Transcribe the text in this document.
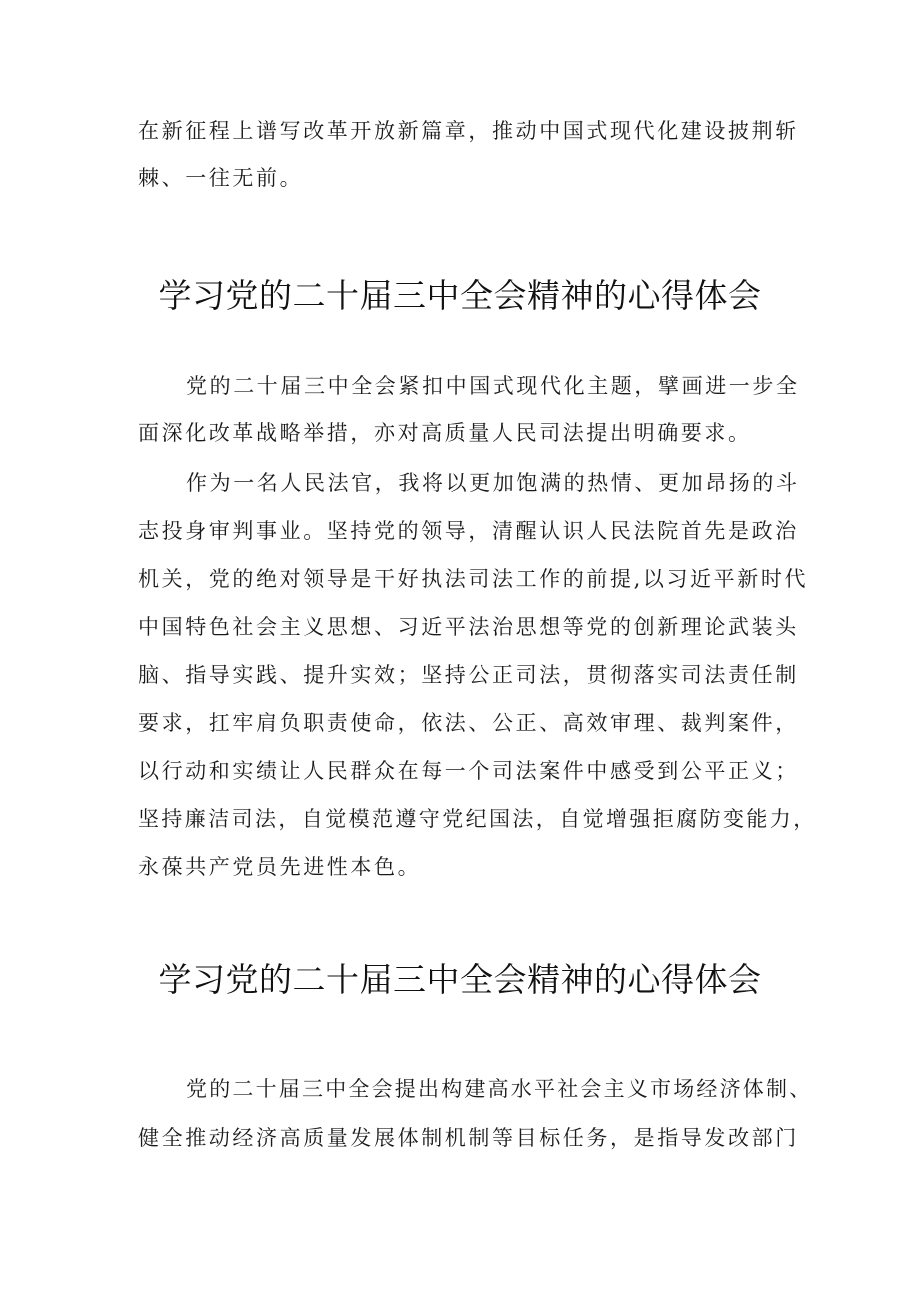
在新征程上谱写改革开放新篇章，推动中国式现代化建设披荆斩
棘、一往无前。
学习党的二十届三中全会精神的心得体会
党的二十届三中全会紧扣中国式现代化主题，擘画进一步全
面深化改革战略举措，亦对高质量人民司法提出明确要求。
作为一名人民法官，我将以更加饱满的热情、更加昂扬的斗
志投身审判事业。坚持党的领导，清醒认识人民法院首先是政治
机关，党的绝对领导是干好执法司法工作的前提,以习近平新时代
中国特色社会主义思想、习近平法治思想等党的创新理论武装头
脑、指导实践、提升实效；坚持公正司法，贯彻落实司法责任制
要求，扛牢肩负职责使命，依法、公正、高效审理、裁判案件，
以行动和实绩让人民群众在每一个司法案件中感受到公平正义；
坚持廉洁司法，自觉模范遵守党纪国法，自觉增强拒腐防变能力，
永葆共产党员先进性本色。
学习党的二十届三中全会精神的心得体会
党的二十届三中全会提出构建高水平社会主义市场经济体制、
健全推动经济高质量发展体制机制等目标任务，是指导发改部门
